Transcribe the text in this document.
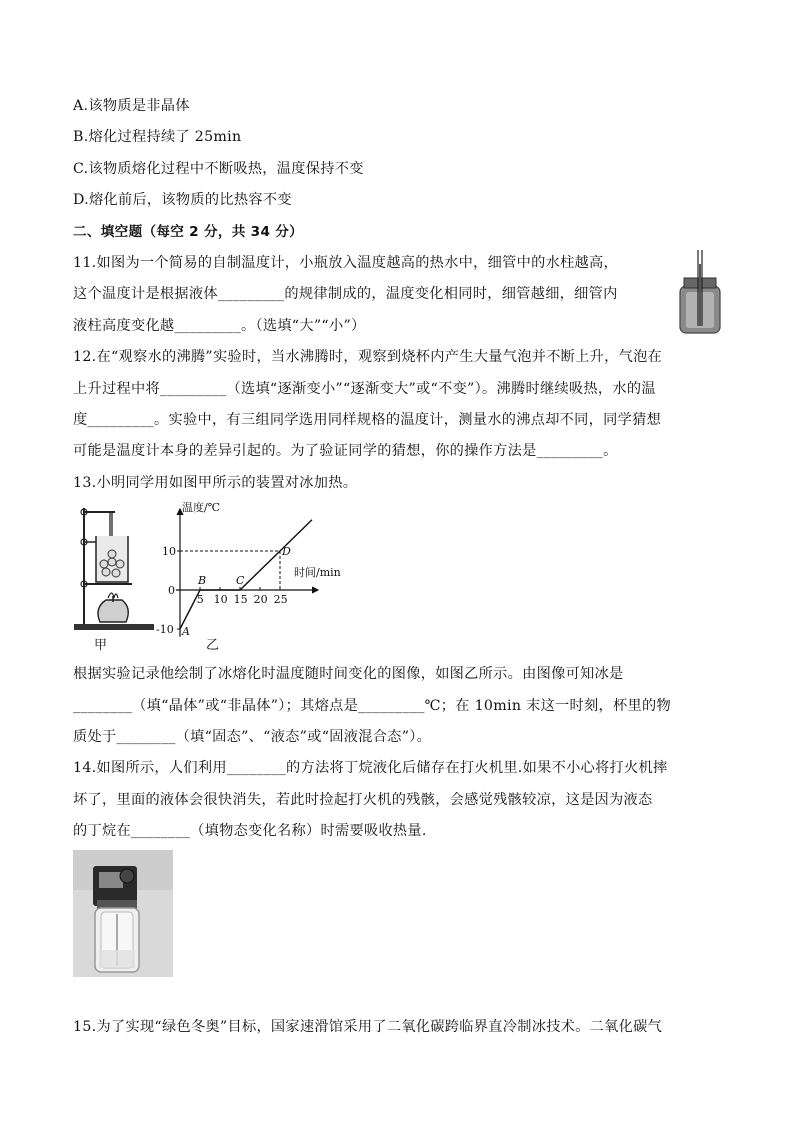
A.该物质是非晶体
B.熔化过程持续了 25min
C.该物质熔化过程中不断吸热，温度保持不变
D.熔化前后，该物质的比热容不变
二、填空题（每空 2 分，共 34 分）
11.如图为一个简易的自制温度计，小瓶放入温度越高的热水中，细管中的水柱越高，
这个温度计是根据液体_________的规律制成的，温度变化相同时，细管越细，细管内
液柱高度变化越_________。（选填“大”“小”）
12.在“观察水的沸腾”实验时，当水沸腾时，观察到烧杯内产生大量气泡并不断上升，气泡在
上升过程中将_________（选填“逐渐变小”“逐渐变大”或“不变”）。沸腾时继续吸热，水的温
度_________。实验中，有三组同学选用同样规格的温度计，测量水的沸点却不同，同学猜想
可能是温度计本身的差异引起的。为了验证同学的猜想，你的操作方法是_________。
13.小明同学用如图甲所示的装置对冰加热。
甲
温度/℃
时间/min
10
0
-10
5 10 15 20 25
A
B	C
D
乙
根据实验记录他绘制了冰熔化时温度随时间变化的图像，如图乙所示。由图像可知冰是
________（填“晶体”或“非晶体”）；其熔点是_________℃；在 10min 末这一时刻，杯里的物
质处于________（填“固态”、“液态”或“固液混合态”）。
14.如图所示，人们利用________的方法将丁烷液化后储存在打火机里.如果不小心将打火机摔
坏了，里面的液体会很快消失，若此时捡起打火机的残骸，会感觉残骸较凉，这是因为液态
的丁烷在________（填物态变化名称）时需要吸收热量.
15.为了实现“绿色冬奥”目标，国家速滑馆采用了二氧化碳跨临界直冷制冰技术。二氧化碳气
